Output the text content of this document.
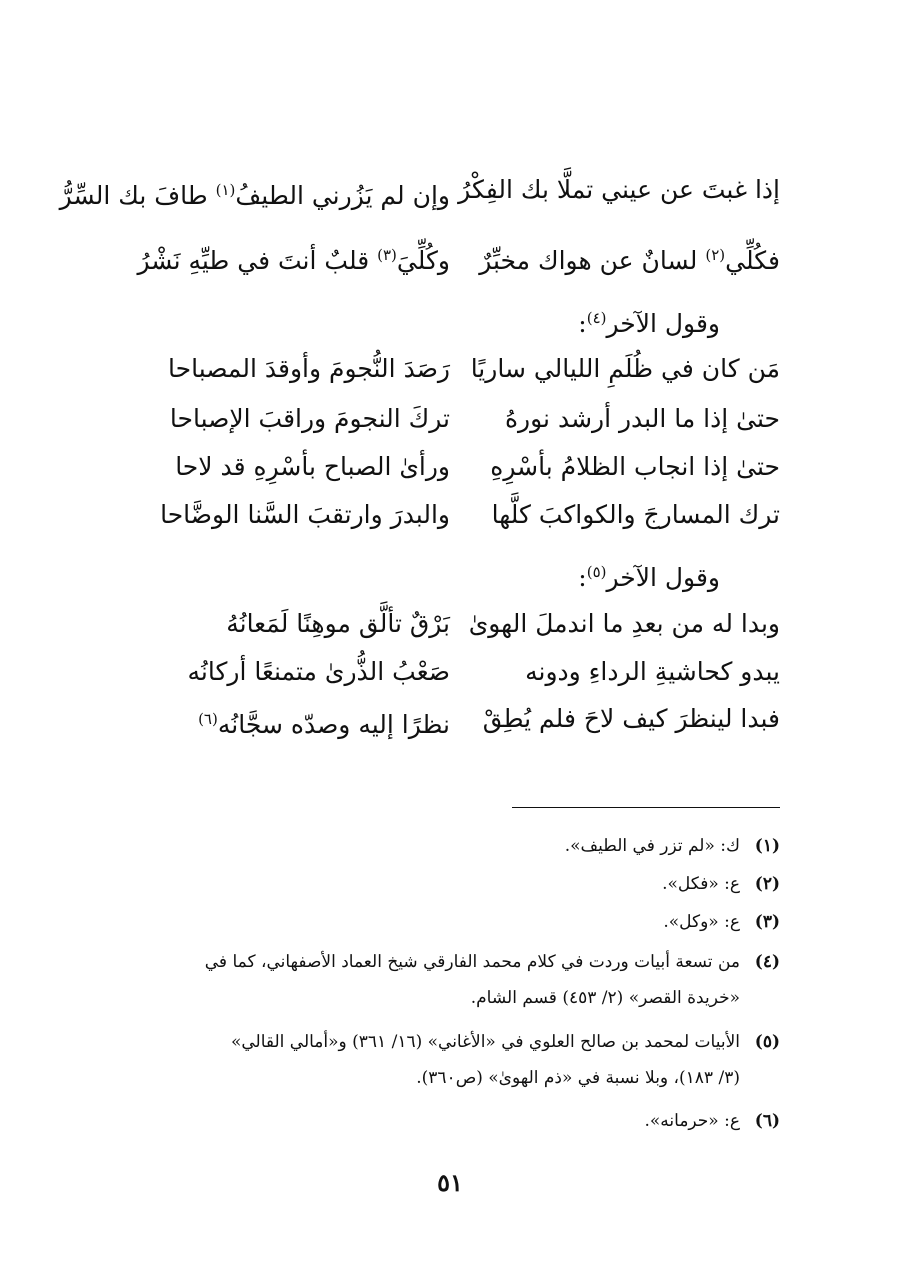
إذا غبتَ عن عيني تملَّا بك الفِكْرُ
وإن لم يَزُرني الطيفُ$^{(١)}$ طافَ بك السِّرُّ
فكُلِّي$^{(٢)}$ لسانٌ عن هواك مخبِّرٌ
وكُلِّيَ$^{(٣)}$ قلبٌ أنتَ في طيِّهِ نَشْرُ
وقول الآخر$^{(٤)}$:
مَن كان في ظُلَمِ الليالي ساريًا
رَصَدَ النُّجومَ وأوقدَ المصباحا
حتىٰ إذا ما البدر أرشد نورهُ
تركَ النجومَ وراقبَ الإصباحا
حتىٰ إذا انجاب الظلامُ بأسْرِهِ
ورأىٰ الصباح بأسْرِهِ قد لاحا
ترك المسارجَ والكواكبَ كلَّها
والبدرَ وارتقبَ السَّنا الوضَّاحا
وقول الآخر$^{(٥)}$:
وبدا له من بعدِ ما اندملَ الهوىٰ
بَرْقٌ تألَّق موهِنًا لَمَعانُهُ
يبدو كحاشيةِ الرداءِ ودونه
صَعْبُ الذُّرىٰ متمنعًا أركانُه
فبدا لينظرَ كيف لاحَ فلم يُطِقْ
نظرًا إليه وصدّه سجَّانُه$^{(٦)}$
(١)ك: «لم تزر في الطيف».
(٢)ع: «فكل».
(٣)ع: «وكل».
(٤)من تسعة أبيات وردت في كلام محمد الفارقي شيخ العماد الأصفهاني، كما في
«خريدة القصر» (٢/ ٤٥٣) قسم الشام.
(٥)الأبيات لمحمد بن صالح العلوي في «الأغاني» (١٦/ ٣٦١) و«أمالي القالي»
(٣/ ١٨٣)، وبلا نسبة في «ذم الهوىٰ» (ص٣٦٠).
(٦)ع: «حرمانه».
٥١
